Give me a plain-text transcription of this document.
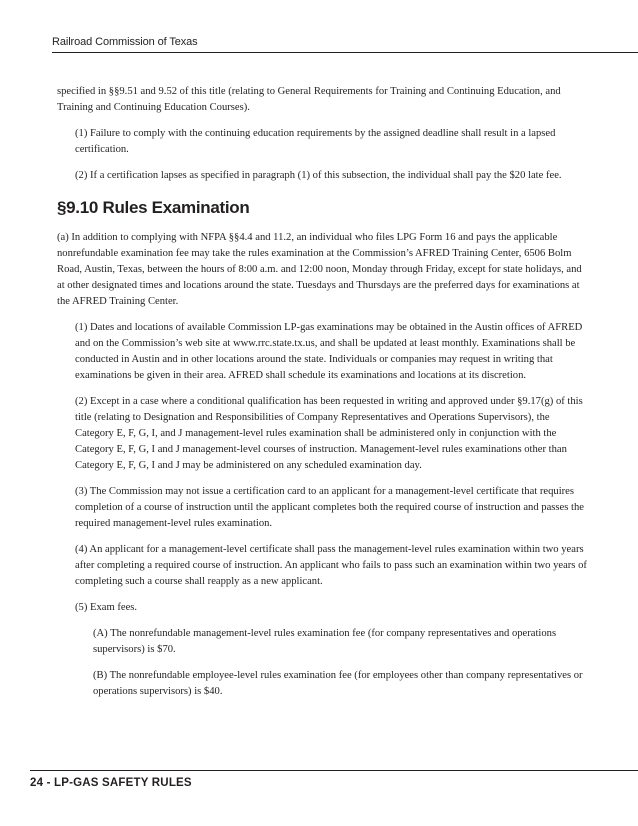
Railroad Commission of Texas

specified in §§9.51 and 9.52 of this title (relating to General Requirements for Training and Continuing Education, and Training and Continuing Education Courses).

(1) Failure to comply with the continuing education requirements by the assigned deadline shall result in a lapsed certification.

(2) If a certification lapses as specified in paragraph (1) of this subsection, the individual shall pay the $20 late fee.

§9.10 Rules Examination

(a) In addition to complying with NFPA §§4.4 and 11.2, an individual who files LPG Form 16 and pays the applicable nonrefundable examination fee may take the rules examination at the Commission’s AFRED Training Center, 6506 Bolm Road, Austin, Texas, between the hours of 8:00 a.m. and 12:00 noon, Monday through Friday, except for state holidays, and at other designated times and locations around the state. Tuesdays and Thursdays are the preferred days for examinations at the AFRED Training Center.

(1) Dates and locations of available Commission LP-gas examinations may be obtained in the Austin offices of AFRED and on the Commission’s web site at www.rrc.state.tx.us, and shall be updated at least monthly. Examinations shall be conducted in Austin and in other locations around the state. Individuals or companies may request in writing that examinations be given in their area. AFRED shall schedule its examinations and locations at its discretion.

(2) Except in a case where a conditional qualification has been requested in writing and approved under §9.17(g) of this title (relating to Designation and Responsibilities of Company Representatives and Operations Supervisors), the Category E, F, G, I, and J management-level rules examination shall be administered only in conjunction with the Category E, F, G, I and J management-level courses of instruction. Management-level rules examinations other than Category E, F, G, I and J may be administered on any scheduled examination day.

(3) The Commission may not issue a certification card to an applicant for a management-level certificate that requires completion of a course of instruction until the applicant completes both the required course of instruction and passes the required management-level rules examination.

(4) An applicant for a management-level certificate shall pass the management-level rules examination within two years after completing a required course of instruction. An applicant who fails to pass such an examination within two years of completing such a course shall reapply as a new applicant.

(5) Exam fees.

(A) The nonrefundable management-level rules examination fee (for company representatives and operations supervisors) is $70.

(B) The nonrefundable employee-level rules examination fee (for employees other than company representatives or operations supervisors) is $40.

24 - LP-GAS SAFETY RULES
